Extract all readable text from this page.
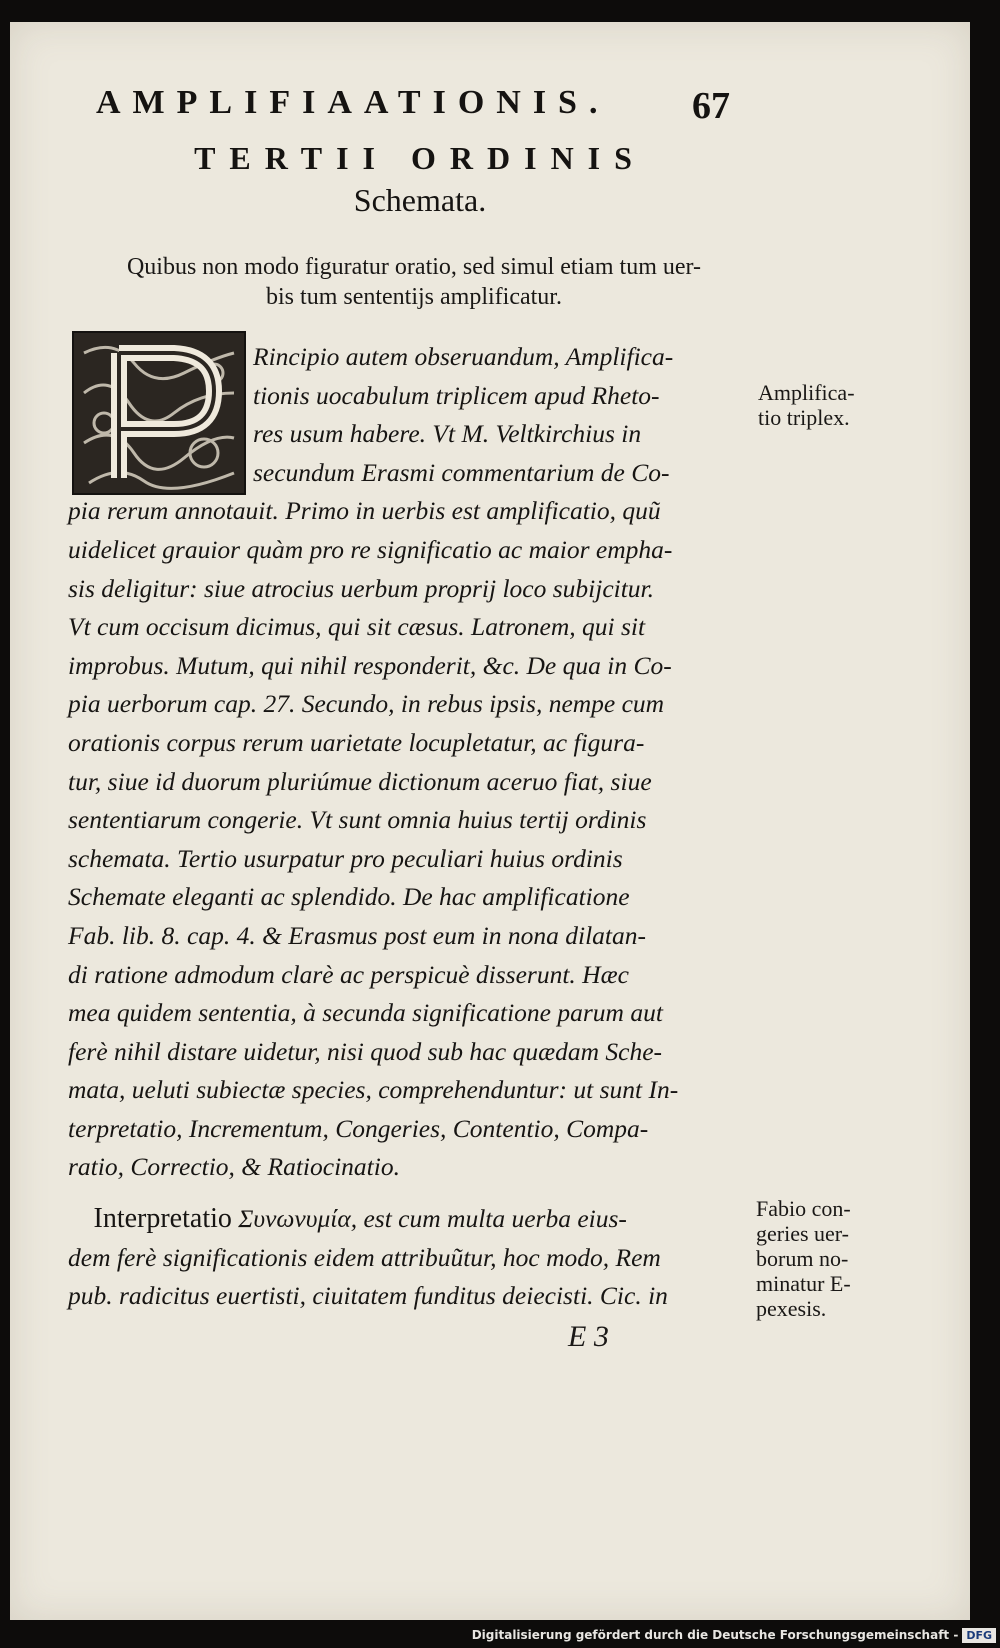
AMPLIFIAATIONIS.	67
TERTII ORDINIS
Schemata.
Quibus non modo figuratur oratio, sed simul etiam tum uer-
bis tum sententijs amplificatur.
Rincipio autem obseruandum, Amplifica-
tionis uocabulum triplicem apud Rheto-
res usum habere. Vt M. Veltkirchius in
secundum Erasmi commentarium de Co-
pia rerum annotauit. Primo in uerbis est amplificatio, quũ
uidelicet grauior quàm pro re significatio ac maior empha-
sis deligitur: siue atrocius uerbum proprij loco subijcitur.
Vt cum occisum dicimus, qui sit cæsus. Latronem, qui sit
improbus. Mutum, qui nihil responderit, &c. De qua in Co-
pia uerborum cap. 27. Secundo, in rebus ipsis, nempe cum
orationis corpus rerum uarietate locupletatur, ac figura-
tur, siue id duorum pluriúmue dictionum aceruo fiat, siue
sententiarum congerie. Vt sunt omnia huius tertij ordinis
schemata. Tertio usurpatur pro peculiari huius ordinis
Schemate eleganti ac splendido. De hac amplificatione
Fab. lib. 8. cap. 4. & Erasmus post eum in nona dilatan-
di ratione admodum clarè ac perspicuè disserunt. Hæc
mea quidem sententia, à secunda significatione parum aut
ferè nihil distare uidetur, nisi quod sub hac quædam Sche-
mata, ueluti subiectæ species, comprehenduntur: ut sunt In-
terpretatio, Incrementum, Congeries, Contentio, Compa-
ratio, Correctio, & Ratiocinatio.
Interpretatio Συνωνυμία, est cum multa uerba eius-
dem ferè significationis eidem attribuũtur, hoc modo, Rem
pub. radicitus euertisti, ciuitatem funditus deiecisti. Cic. in
Amplifica-
tio triplex.
Fabio con-
geries uer-
borum no-
minatur E-
pexesis.
E 3
Digitalisierung gefördert durch die Deutsche Forschungsgemeinschaft - DFG
